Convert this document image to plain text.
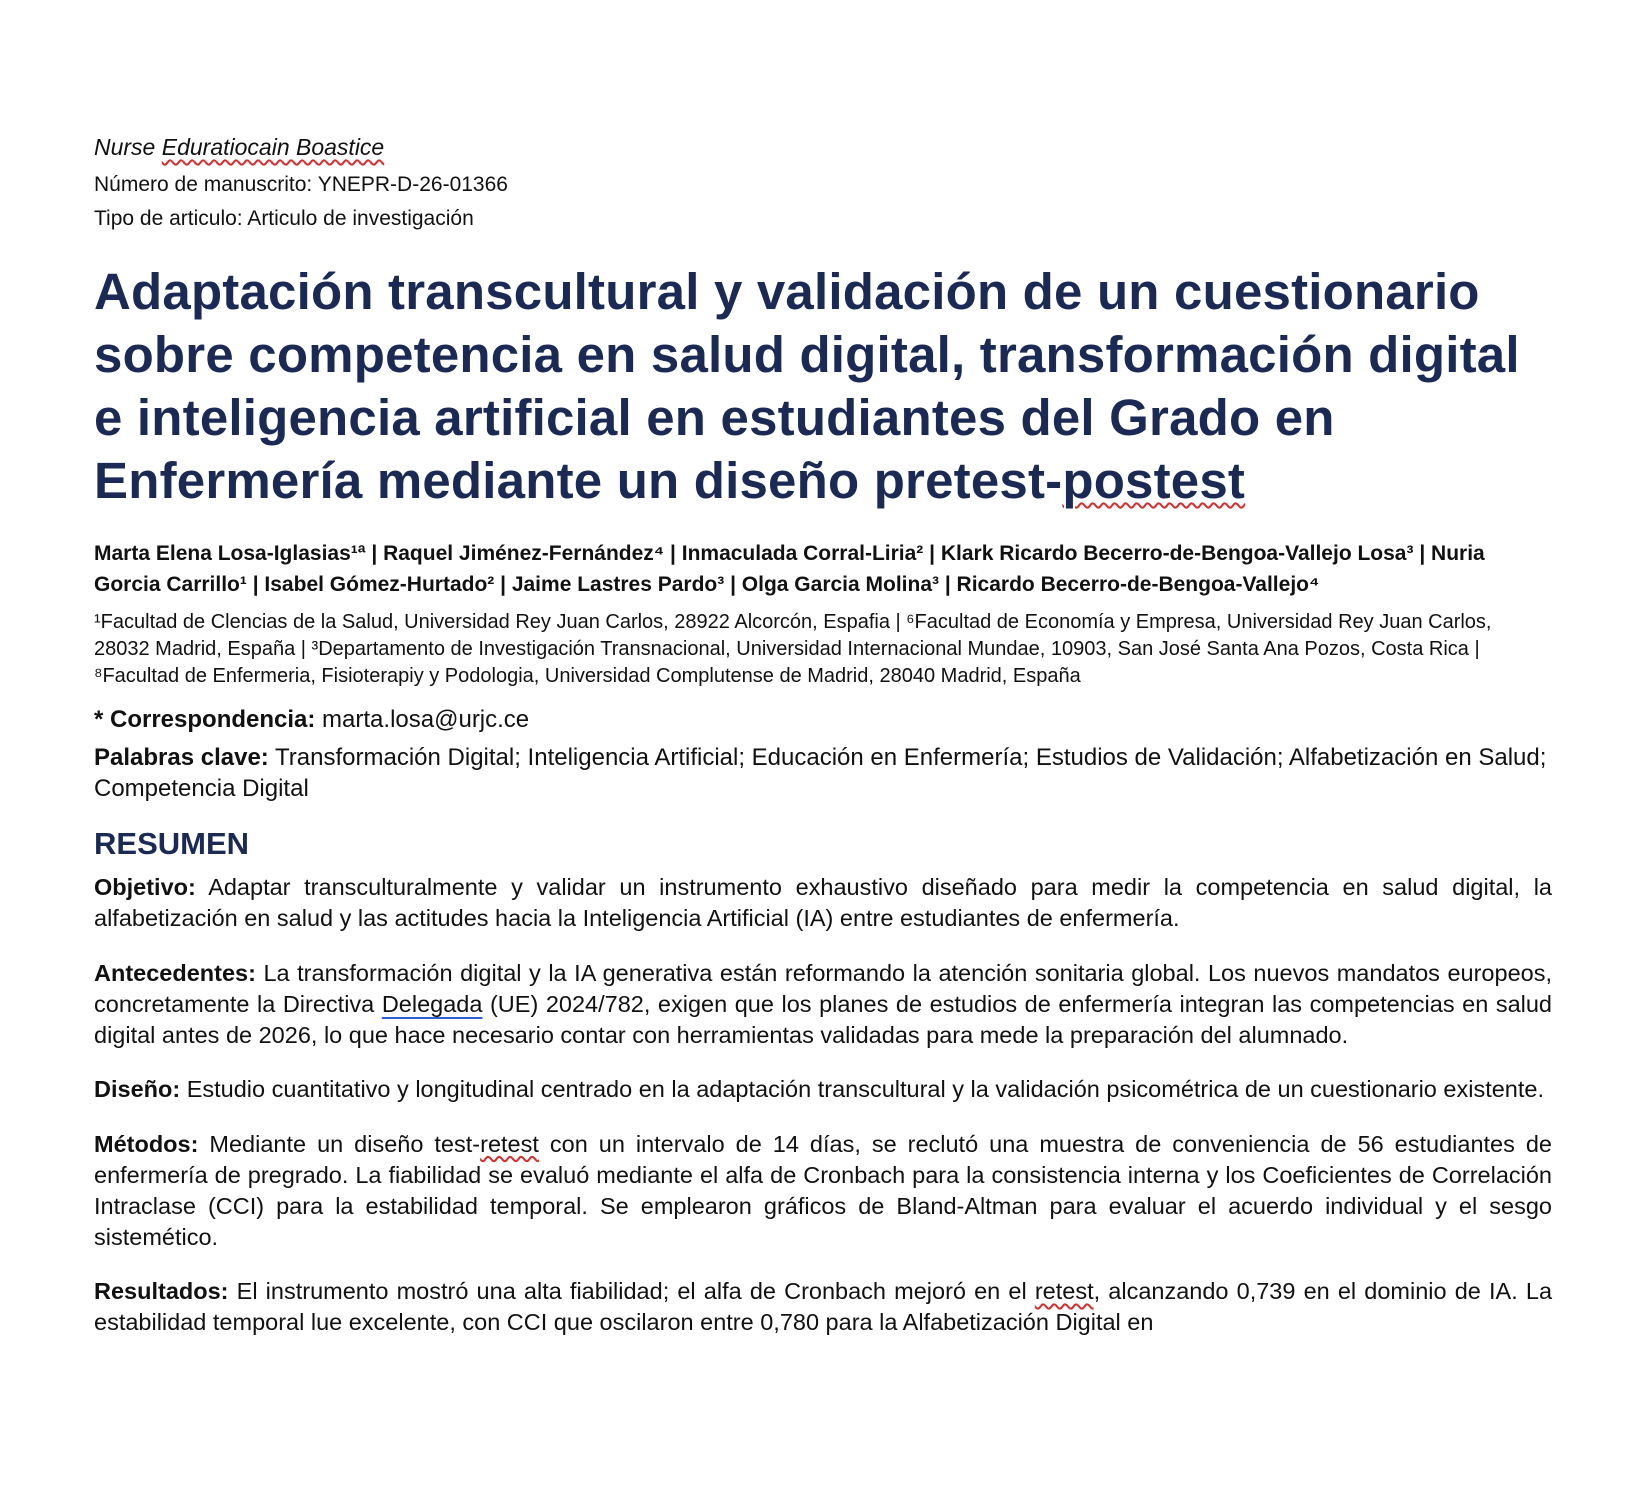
Nurse Eduratiocain Boastice
Número de manuscrito: YNEPR-D-26-01366
Tipo de articulo: Articulo de investigación
Adaptación transcultural y validación de un cuestionario sobre competencia en salud digital, transformación digital e inteligencia artificial en estudiantes del Grado en Enfermería mediante un diseño pretest-postest
Marta Elena Losa-Iglasias¹ª | Raquel Jiménez-Fernández⁴ | Inmaculada Corral-Liria² | Klark Ricardo Becerro-de-Bengoa-Vallejo Losa³ | Nuria Gorcia Carrillo¹ | Isabel Gómez-Hurtado² | Jaime Lastres Pardo³ | Olga Garcia Molina³ | Ricardo Becerro-de-Bengoa-Vallejo⁴
¹Facultad de Clencias de la Salud, Universidad Rey Juan Carlos, 28922 Alcorcón, Espafia | ⁶Facultad de Economía y Empresa, Universidad Rey Juan Carlos, 28032 Madrid, España | ³Departamento de Investigación Transnacional, Universidad Internacional Mundae, 10903, San José Santa Ana Pozos, Costa Rica | ⁸Facultad de Enfermeria, Fisioterapiy y Podologia, Universidad Complutense de Madrid, 28040 Madrid, España
* Correspondencia: marta.losa@urjc.ce
Palabras clave: Transformación Digital; Inteligencia Artificial; Educación en Enfermería; Estudios de Validación; Alfabetización en Salud; Competencia Digital
RESUMEN

Objetivo: Adaptar transculturalmente y validar un instrumento exhaustivo diseñado para medir la competencia en salud digital, la alfabetización en salud y las actitudes hacia la Inteligencia Artificial (IA) entre estudiantes de enfermería.

Antecedentes: La transformación digital y la IA generativa están reformando la atención sonitaria global. Los nuevos mandatos europeos, concretamente la Directiva Delegada (UE) 2024/782, exigen que los planes de estudios de enfermería integran las competencias en salud digital antes de 2026, lo que hace necesario contar con herramientas validadas para mede la preparación del alumnado.

Diseño: Estudio cuantitativo y longitudinal centrado en la adaptación transcultural y la validación psicométrica de un cuestionario existente.

Métodos: Mediante un diseño test-retest con un intervalo de 14 días, se reclutó una muestra de conveniencia de 56 estudiantes de enfermería de pregrado. La fiabilidad se evaluó mediante el alfa de Cronbach para la consistencia interna y los Coeficientes de Correlación Intraclase (CCI) para la estabilidad temporal. Se emplearon gráficos de Bland-Altman para evaluar el acuerdo individual y el sesgo sistemético.

Resultados: El instrumento mostró una alta fiabilidad; el alfa de Cronbach mejoró en el retest, alcanzando 0,739 en el dominio de IA. La estabilidad temporal lue excelente, con CCI que oscilaron entre 0,780 para la Alfabetización Digital en
